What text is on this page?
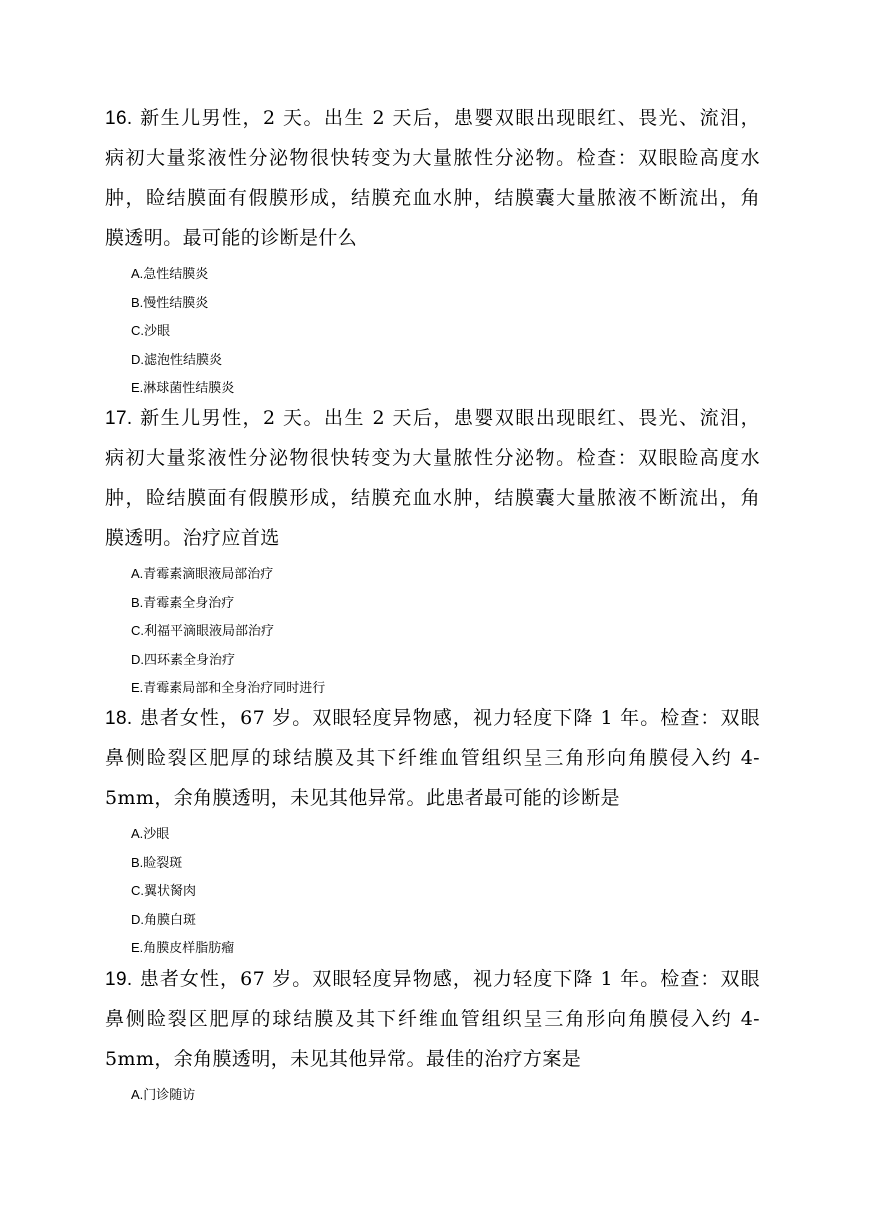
16. 新生儿男性，2 天。出生 2 天后，患婴双眼出现眼红、畏光、流泪，
病初大量浆液性分泌物很快转变为大量脓性分泌物。检查：双眼睑高度水
肿，睑结膜面有假膜形成，结膜充血水肿，结膜囊大量脓液不断流出，角
膜透明。最可能的诊断是什么
A.急性结膜炎
B.慢性结膜炎
C.沙眼
D.滤泡性结膜炎
E.淋球菌性结膜炎
17. 新生儿男性，2 天。出生 2 天后，患婴双眼出现眼红、畏光、流泪，
病初大量浆液性分泌物很快转变为大量脓性分泌物。检查：双眼睑高度水
肿，睑结膜面有假膜形成，结膜充血水肿，结膜囊大量脓液不断流出，角
膜透明。治疗应首选
A.青霉素滴眼液局部治疗
B.青霉素全身治疗
C.利福平滴眼液局部治疗
D.四环素全身治疗
E.青霉素局部和全身治疗同时进行
18. 患者女性，67 岁。双眼轻度异物感，视力轻度下降 1 年。检查：双眼
鼻侧睑裂区肥厚的球结膜及其下纤维血管组织呈三角形向角膜侵入约 4-
5mm，余角膜透明，未见其他异常。此患者最可能的诊断是
A.沙眼
B.睑裂斑
C.翼状胬肉
D.角膜白斑
E.角膜皮样脂肪瘤
19. 患者女性，67 岁。双眼轻度异物感，视力轻度下降 1 年。检查：双眼
鼻侧睑裂区肥厚的球结膜及其下纤维血管组织呈三角形向角膜侵入约 4-
5mm，余角膜透明，未见其他异常。最佳的治疗方案是
A.门诊随访
